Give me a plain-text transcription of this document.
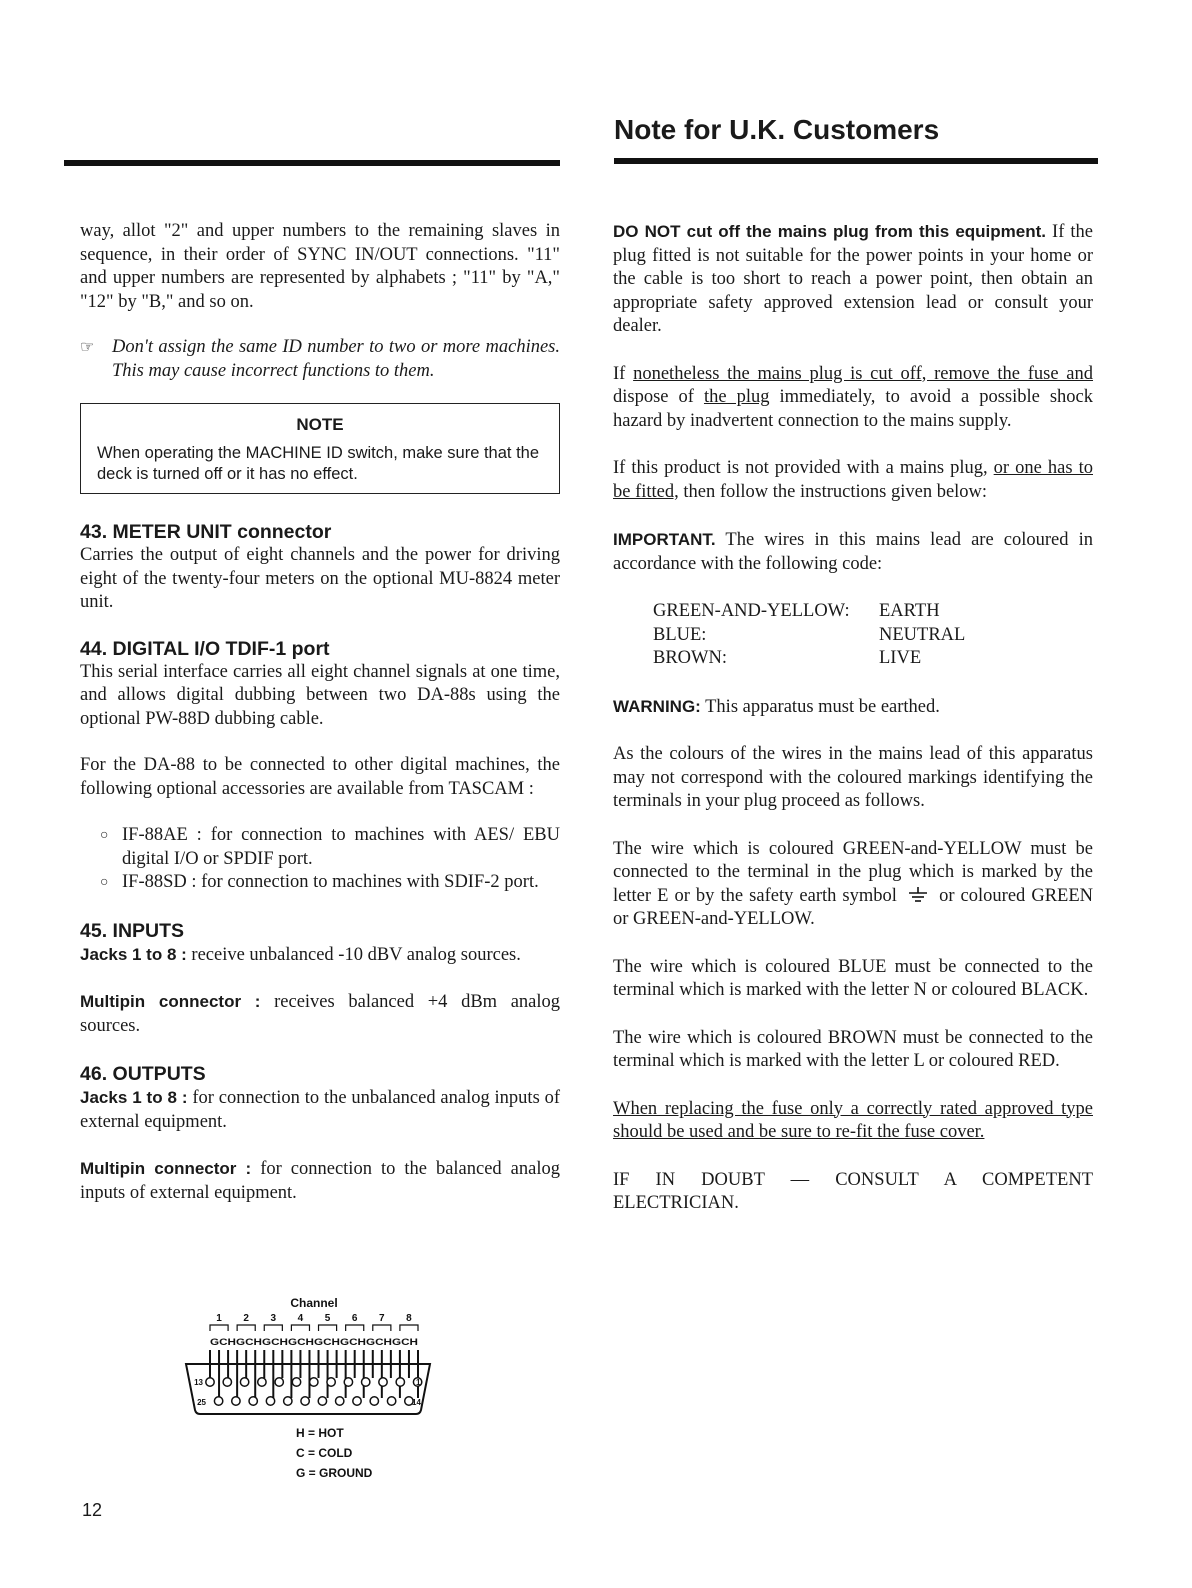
Note for U.K. Customers

way, allot "2" and upper numbers to the remaining slaves in sequence, in their order of SYNC IN/OUT connections. "11" and upper numbers are represented by alphabets ; "11" by "A," "12" by "B," and so on.

☞ Don't assign the same ID number to two or more machines. This may cause incorrect functions to them.
NOTE
When operating the MACHINE ID switch, make sure that the deck is turned off or it has no effect.

43. METER UNIT connector

Carries the output of eight channels and the power for driving eight of the twenty-four meters on the optional MU-8824 meter unit.

44. DIGITAL I/O TDIF-1 port

This serial interface carries all eight channel signals at one time, and allows digital dubbing between two DA-88s using the optional PW-88D dubbing cable.

For the DA-88 to be connected to other digital machines, the following optional accessories are available from TASCAM :

○ IF-88AE : for connection to machines with AES/ EBU digital I/O or SPDIF port.
○ IF-88SD : for connection to machines with SDIF-2 port.

45. INPUTS

Jacks 1 to 8 : receive unbalanced -10 dBV analog sources.

Multipin connector : receives balanced +4 dBm analog sources.

46. OUTPUTS

Jacks 1 to 8 : for connection to the unbalanced analog inputs of external equipment.

Multipin connector : for connection to the balanced analog inputs of external equipment.

Channel
1 2 3 4 5 6 7 8
GCHGCHGCHGCHGCHGCHGCHGCH
13	1
25	14
H = HOT
C = COLD
G = GROUND

DO NOT cut off the mains plug from this equipment. If the plug fitted is not suitable for the power points in your home or the cable is too short to reach a power point, then obtain an appropriate safety approved extension lead or consult your dealer.

If nonetheless the mains plug is cut off, remove the fuse and dispose of the plug immediately, to avoid a possible shock hazard by inadvertent connection to the mains supply.

If this product is not provided with a mains plug, or one has to be fitted, then follow the instructions given below:

IMPORTANT. The wires in this mains lead are coloured in accordance with the following code:

GREEN-AND-YELLOW:	EARTH
BLUE:	NEUTRAL
BROWN:	LIVE

WARNING: This apparatus must be earthed.

As the colours of the wires in the mains lead of this apparatus may not correspond with the coloured markings identifying the terminals in your plug proceed as follows.

The wire which is coloured GREEN-and-YELLOW must be connected to the terminal in the plug which is marked by the letter E or by the safety earth symbol or coloured GREEN or GREEN-and-YELLOW.

The wire which is coloured BLUE must be connected to the terminal which is marked with the letter N or coloured BLACK.

The wire which is coloured BROWN must be connected to the terminal which is marked with the letter L or coloured RED.

When replacing the fuse only a correctly rated approved type should be used and be sure to re-fit the fuse cover.

IF IN DOUBT — CONSULT A COMPETENT ELECTRICIAN.

12
